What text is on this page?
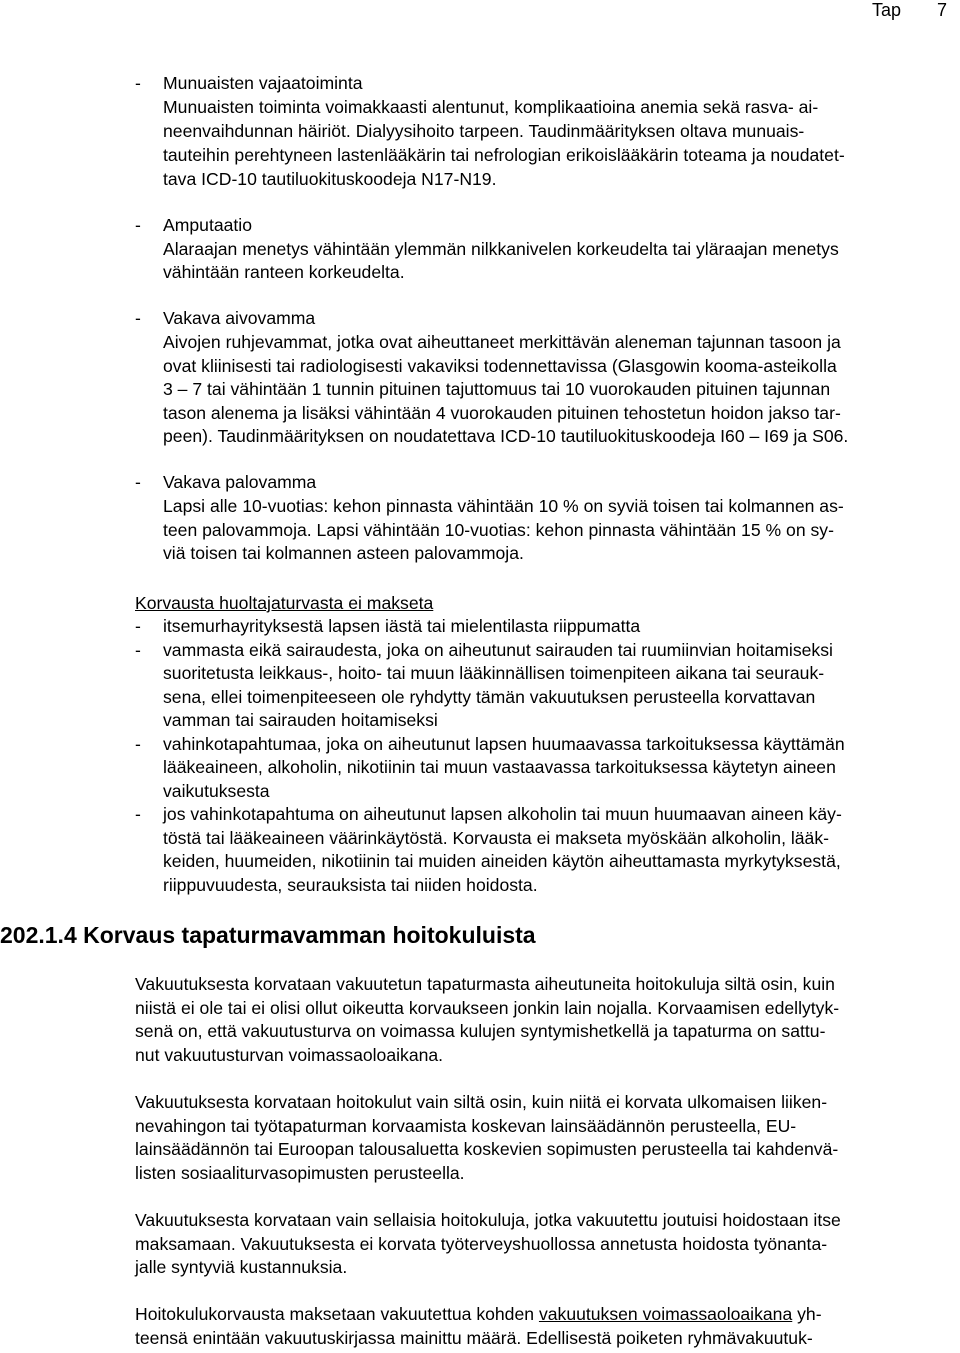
Tap 7
- Munuaisten vajaatoiminta
Munuaisten toiminta voimakkaasti alentunut, komplikaatioina anemia sekä rasva- ai-
neenvaihdunnan häiriöt. Dialyysihoito tarpeen. Taudinmäärityksen oltava munuais-
tauteihin perehtyneen lastenlääkärin tai nefrologian erikoislääkärin toteama ja noudatet-
tava ICD-10 tautiluokituskoodeja N17-N19.
- Amputaatio
Alaraajan menetys vähintään ylemmän nilkkanivelen korkeudelta tai yläraajan menetys
vähintään ranteen korkeudelta.
- Vakava aivovamma
Aivojen ruhjevammat, jotka ovat aiheuttaneet merkittävän aleneman tajunnan tasoon ja
ovat kliinisesti tai radiologisesti vakaviksi todennettavissa (Glasgowin kooma-asteikolla
3 – 7 tai vähintään 1 tunnin pituinen tajuttomuus tai 10 vuorokauden pituinen tajunnan
tason alenema ja lisäksi vähintään 4 vuorokauden pituinen tehostetun hoidon jakso tar-
peen). Taudinmäärityksen on noudatettava ICD-10 tautiluokituskoodeja I60 – I69 ja S06.
- Vakava palovamma
Lapsi alle 10-vuotias: kehon pinnasta vähintään 10 % on syviä toisen tai kolmannen as-
teen palovammoja. Lapsi vähintään 10-vuotias: kehon pinnasta vähintään 15 % on sy-
viä toisen tai kolmannen asteen palovammoja.
Korvausta huoltajaturvasta ei makseta
- itsemurhayrityksestä lapsen iästä tai mielentilasta riippumatta
- vammasta eikä sairaudesta, joka on aiheutunut sairauden tai ruumiinvian hoitamiseksi
suoritetusta leikkaus-, hoito- tai muun lääkinnällisen toimenpiteen aikana tai seurauk-
sena, ellei toimenpiteeseen ole ryhdytty tämän vakuutuksen perusteella korvattavan
vamman tai sairauden hoitamiseksi
- vahinkotapahtumaa, joka on aiheutunut lapsen huumaavassa tarkoituksessa käyttämän
lääkeaineen, alkoholin, nikotiinin tai muun vastaavassa tarkoituksessa käytetyn aineen
vaikutuksesta
- jos vahinkotapahtuma on aiheutunut lapsen alkoholin tai muun huumaavan aineen käy-
töstä tai lääkeaineen väärinkäytöstä. Korvausta ei makseta myöskään alkoholin, lääk-
keiden, huumeiden, nikotiinin tai muiden aineiden käytön aiheuttamasta myrkytyksestä,
riippuvuudesta, seurauksista tai niiden hoidosta.
202.1.4 Korvaus tapaturmavamman hoitokuluista
Vakuutuksesta korvataan vakuutetun tapaturmasta aiheutuneita hoitokuluja siltä osin, kuin
niistä ei ole tai ei olisi ollut oikeutta korvaukseen jonkin lain nojalla. Korvaamisen edellytyk-
senä on, että vakuutusturva on voimassa kulujen syntymishetkellä ja tapaturma on sattu-
nut vakuutusturvan voimassaoloaikana.
Vakuutuksesta korvataan hoitokulut vain siltä osin, kuin niitä ei korvata ulkomaisen liiken-
nevahingon tai työtapaturman korvaamista koskevan lainsäädännön perusteella, EU-
lainsäädännön tai Euroopan talousaluetta koskevien sopimusten perusteella tai kahdenvä-
listen sosiaaliturvasopimusten perusteella.
Vakuutuksesta korvataan vain sellaisia hoitokuluja, jotka vakuutettu joutuisi hoidostaan itse
maksamaan. Vakuutuksesta ei korvata työterveyshuollossa annetusta hoidosta työnanta-
jalle syntyviä kustannuksia.
Hoitokulukorvausta maksetaan vakuutettua kohden vakuutuksen voimassaoloaikana yh-
teensä enintään vakuutuskirjassa mainittu määrä. Edellisestä poiketen ryhmävakuutuk-
